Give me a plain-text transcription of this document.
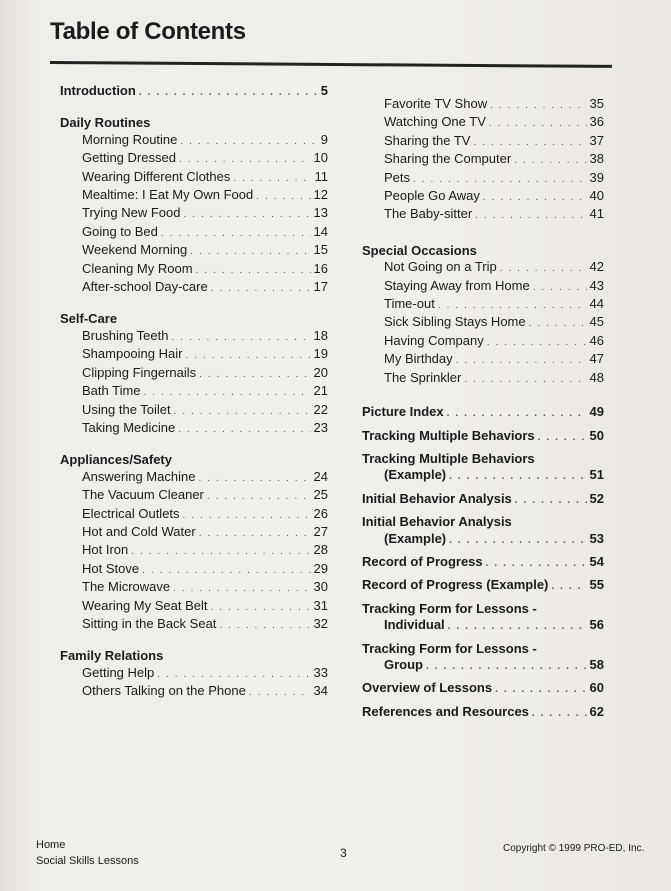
Table of Contents
Introduction . . .	5
Daily Routines
Morning Routine . . .	9
Getting Dressed . . .	10
Wearing Different Clothes . . .	11
Mealtime: I Eat My Own Food . . .	12
Trying New Food . . .	13
Going to Bed . . .	14
Weekend Morning . . .	15
Cleaning My Room . . .	16
After-school Day-care . . .	17
Self-Care
Brushing Teeth . . .	18
Shampooing Hair . . .	19
Clipping Fingernails . . .	20
Bath Time . . .	21
Using the Toilet . . .	22
Taking Medicine . . .	23
Appliances/Safety
Answering Machine . . .	24
The Vacuum Cleaner . . .	25
Electrical Outlets . . .	26
Hot and Cold Water . . .	27
Hot Iron . . .	28
Hot Stove . . .	29
The Microwave . . .	30
Wearing My Seat Belt . . .	31
Sitting in the Back Seat . . .	32
Family Relations
Getting Help . . .	33
Others Talking on the Phone . . .	34
Favorite TV Show . . .	35
Watching One TV . . .	36
Sharing the TV . . .	37
Sharing the Computer . . .	38
Pets . . .	39
People Go Away . . .	40
The Baby-sitter . . .	41
Special Occasions
Not Going on a Trip . . .	42
Staying Away from Home . . .	43
Time-out . . .	44
Sick Sibling Stays Home . . .	45
Having Company . . .	46
My Birthday . . .	47
The Sprinkler . . .	48
Picture Index . . .	49
Tracking Multiple Behaviors . . .	50
Tracking Multiple Behaviors
(Example) . . .	51
Initial Behavior Analysis . . .	52
Initial Behavior Analysis
(Example) . . .	53
Record of Progress . . .	54
Record of Progress (Example) . . .	55
Tracking Form for Lessons -
Individual . . .	56
Tracking Form for Lessons -
Group . . .	58
Overview of Lessons . . .	60
References and Resources . . .	62
Home
Social Skills Lessons
3	Copyright © 1999 PRO-ED, Inc.
